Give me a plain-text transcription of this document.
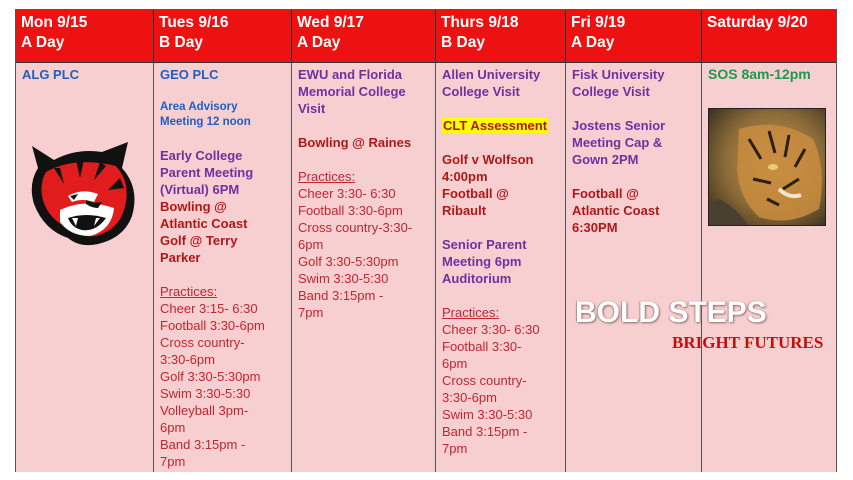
Mon 9/15
A Day
Tues 9/16
B Day
Wed 9/17
A Day
Thurs 9/18
B Day
Fri 9/19
A Day
Saturday 9/20
ALG PLC	GEO PLC
Area Advisory
Meeting 12 noon
Early College
Parent Meeting
(Virtual) 6PM
Bowling @
Atlantic Coast
Golf @ Terry
Parker
Practices:
Cheer 3:15- 6:30
Football 3:30-6pm
Cross country-
3:30-6pm
Golf 3:30-5:30pm
Swim 3:30-5:30
Volleyball 3pm-
6pm
Band 3:15pm -
7pm
EWU and Florida
Memorial College
Visit
Bowling @ Raines
Practices:
Cheer 3:30- 6:30
Football 3:30-6pm
Cross country-3:30-
6pm
Golf 3:30-5:30pm
Swim 3:30-5:30
Band 3:15pm -
7pm
Allen University
College Visit
CLT Assessment
Golf v Wolfson
4:00pm
Football @
Ribault
Senior Parent
Meeting 6pm
Auditorium
Practices:
Cheer 3:30- 6:30
Football 3:30-
6pm
Cross country-
3:30-6pm
Swim 3:30-5:30
Band 3:15pm -
7pm
Fisk University
College Visit
Jostens Senior
Meeting Cap &
Gown 2PM
Football @
Atlantic Coast
6:30PM
SOS 8am-12pm
BOLD STEPS
BRIGHT FUTURES
